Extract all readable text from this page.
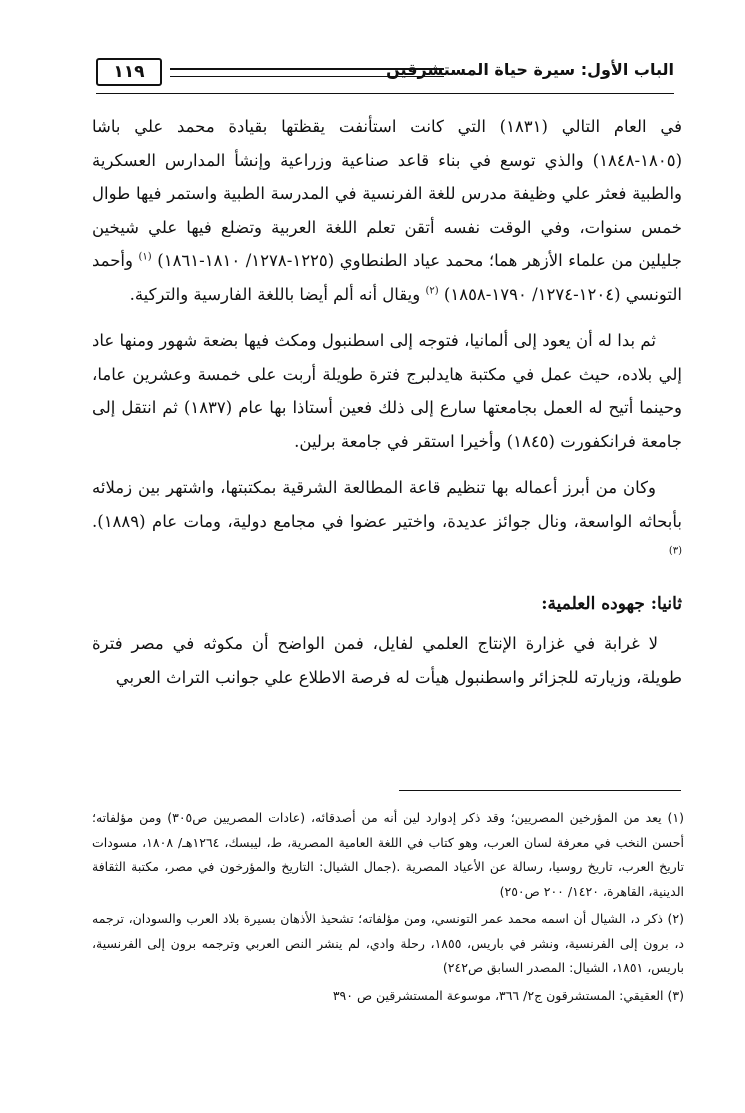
الباب الأول: سيرة حياة المستشرقين
١١٩

في العام التالي (١٨٣١) التي كانت استأنفت يقظتها بقيادة محمد علي باشا (١٨٠٥-١٨٤٨) والذي توسع في بناء قاعد صناعية وزراعية وإنشأ المدارس العسكرية والطبية فعثر علي وظيفة مدرس للغة الفرنسية في المدرسة الطبية واستمر فيها طوال خمس سنوات، وفي الوقت نفسه أتقن تعلم اللغة العربية وتضلع فيها علي شيخين جليلين من علماء الأزهر هما؛ محمد عياد الطنطاوي (١٢٢٥-١٢٧٨/ ١٨١٠-١٨٦١) $^{(١)}$ وأحمد التونسي (١٢٠٤-١٢٧٤/ ١٧٩٠-١٨٥٨) $^{(٢)}$ ويقال أنه ألم أيضا باللغة الفارسية والتركية.

ثم بدا له أن يعود إلى ألمانيا، فتوجه إلى اسطنبول ومكث فيها بضعة شهور ومنها عاد إلي بلاده، حيث عمل في مكتبة هايدلبرج فترة طويلة أربت على خمسة وعشرين عاما، وحينما أتيح له العمل بجامعتها سارع إلى ذلك فعين أستاذا بها عام (١٨٣٧) ثم انتقل إلى جامعة فرانكفورت (١٨٤٥) وأخيرا استقر في جامعة برلين.

وكان من أبرز أعماله بها تنظيم قاعة المطالعة الشرقية بمكتبتها، واشتهر بين زملائه بأبحاثه الواسعة، ونال جوائز عديدة، واختير عضوا في مجامع دولية، ومات عام (١٨٨٩). $^{(٣)}$

ثانيا: جهوده العلمية:

لا غرابة في غزارة الإنتاج العلمي لفايل، فمن الواضح أن مكوثه في مصر فترة طويلة، وزيارته للجزائر واسطنبول هيأت له فرصة الاطلاع علي جوانب التراث العربي

(١) يعد من المؤرخين المصريين؛ وقد ذكر إدوارد لين أنه من أصدقائه، (عادات المصريين ص٣٠٥) ومن مؤلفاته؛ أحسن النخب في معرفة لسان العرب، وهو كتاب في اللغة العامية المصرية، ط، ليبسك، ١٢٦٤هـ/ ١٨٠٨، مسودات تاريخ العرب، تاريخ روسيا، رسالة عن الأعياد المصرية .(جمال الشيال: التاريخ والمؤرخون في مصر، مكتبة الثقافة الدينية، القاهرة، ١٤٢٠/ ٢٠٠ ص٢٥٠)

(٢) ذكر د، الشيال أن اسمه محمد عمر التونسي، ومن مؤلفاته؛ تشحيذ الأذهان بسيرة بلاد العرب والسودان، ترجمه د، برون إلى الفرنسية، ونشر في باريس، ١٨٥٥، رحلة وادي، لم ينشر النص العربي وترجمه برون إلى الفرنسية، باريس، ١٨٥١، الشيال: المصدر السابق ص٢٤٢)

(٣) العقيقي: المستشرقون ج٢/ ٣٦٦، موسوعة المستشرقين ص ٣٩٠
